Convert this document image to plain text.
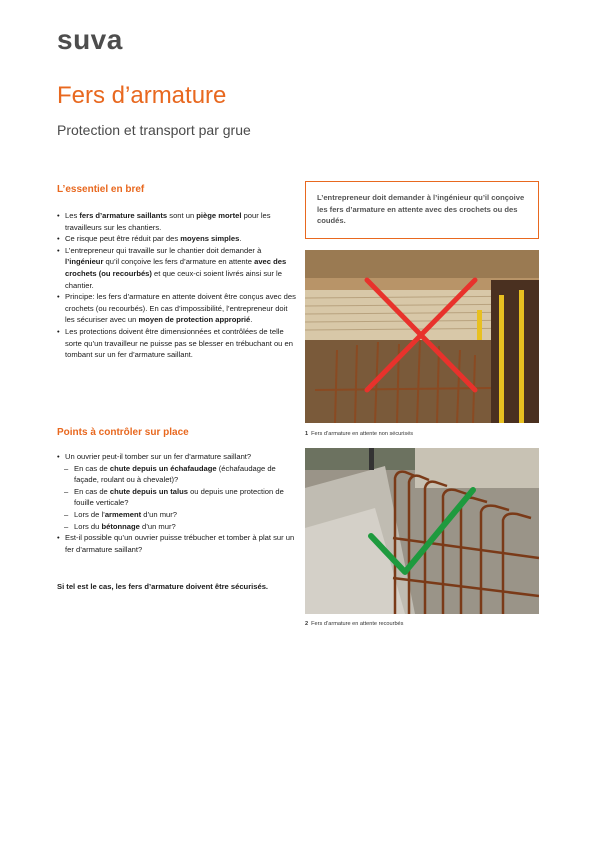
suva
Fers d’armature
Protection et transport par grue
L’essentiel en bref
• Les fers d’armature saillants sont un piège mortel pour les travailleurs sur les chantiers.
• Ce risque peut être réduit par des moyens simples.
• L’entrepreneur qui travaille sur le chantier doit demander à l’ingénieur qu’il conçoive les fers d’armature en attente avec des crochets (ou recourbés) et que ceux-ci soient livrés ainsi sur le chantier.
• Principe: les fers d’armature en attente doivent être conçus avec des crochets (ou recourbés). En cas d’impossibilité, l’entrepreneur doit les sécuriser avec un moyen de protection approprié.
• Les protections doivent être dimensionnées et contrôlées de telle sorte qu’un travailleur ne puisse pas se blesser en trébuchant ou en tombant sur un fer d’armature saillant.
Points à contrôler sur place
• Un ouvrier peut-il tomber sur un fer d’armature saillant?
– En cas de chute depuis un échafaudage (échafaudage de façade, roulant ou à chevalet)?
– En cas de chute depuis un talus ou depuis une protection de fouille verticale?
– Lors de l’armement d’un mur?
– Lors du bétonnage d’un mur?
• Est-il possible qu’un ouvrier puisse trébucher et tomber à plat sur un fer d’armature saillant?
Si tel est le cas, les fers d’armature doivent être sécurisés.
L’entrepreneur doit demander à l’ingénieur qu’il conçoive les fers d’armature en attente avec des crochets ou des coudés.
1 Fers d’armature en attente non sécurisés
2 Fers d’armature en attente recourbés
